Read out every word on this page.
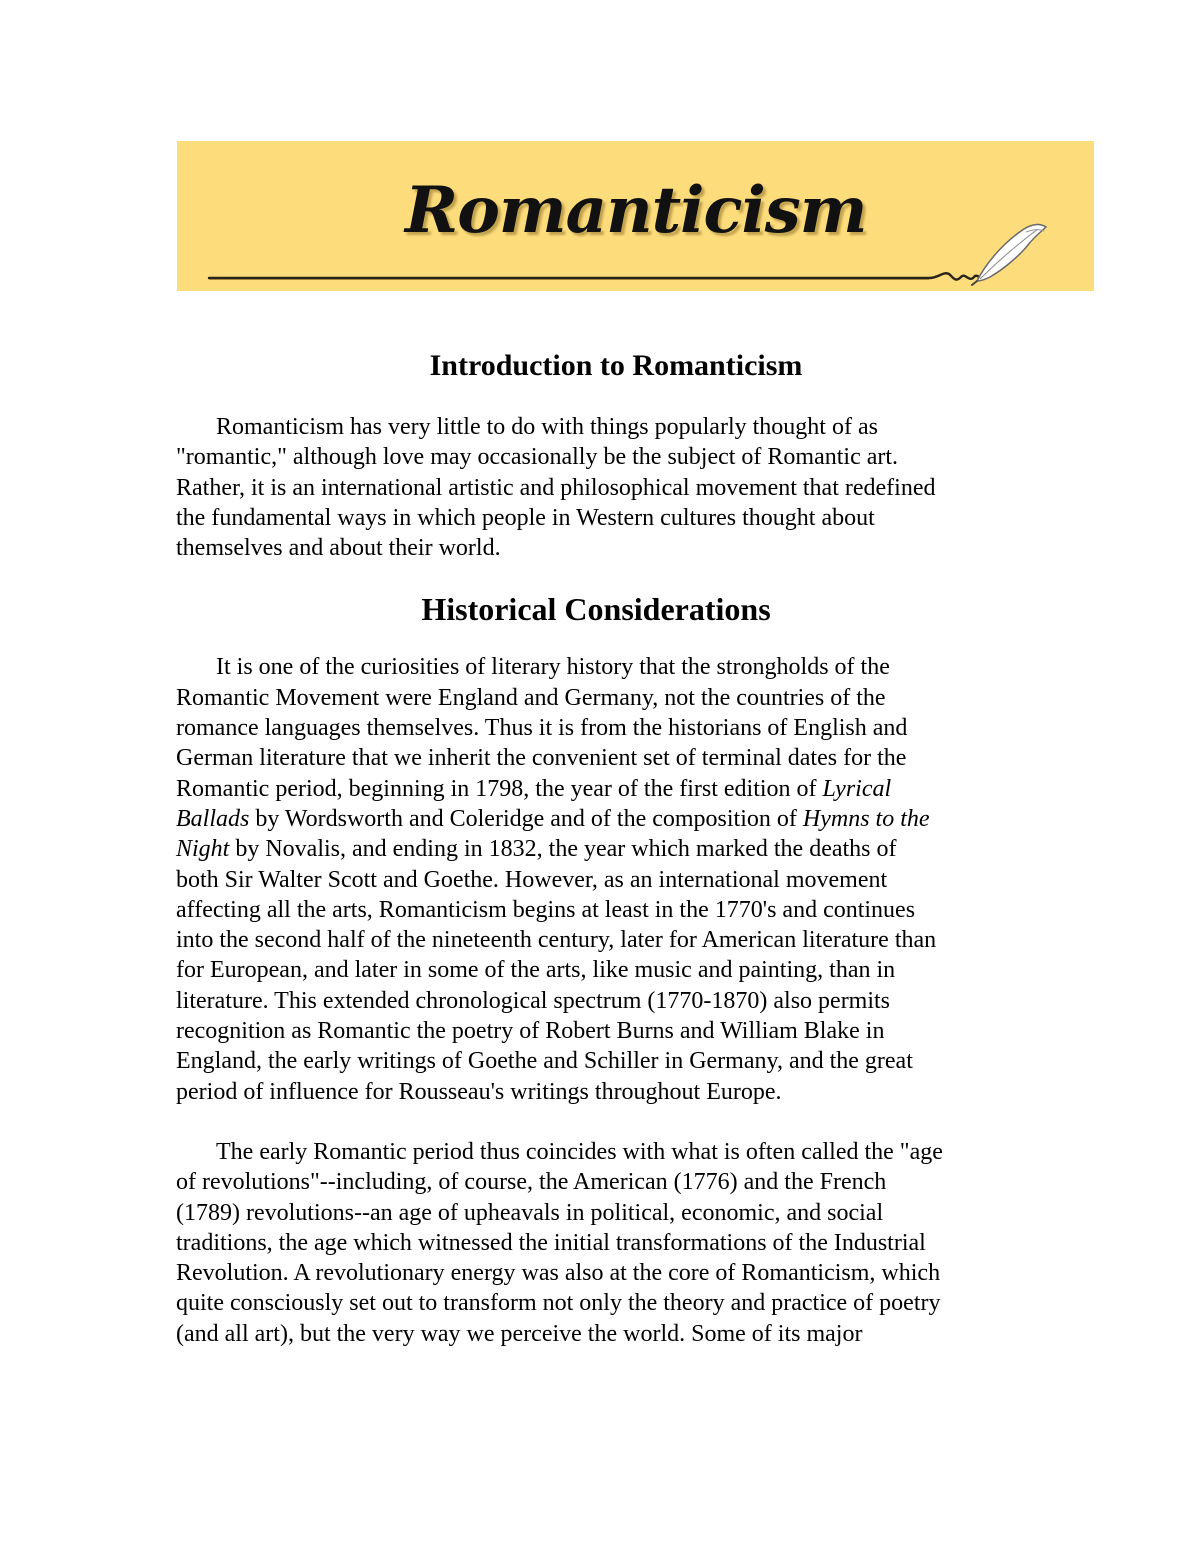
Romanticism
Introduction to Romanticism

Romanticism has very little to do with things popularly thought of as
"romantic," although love may occasionally be the subject of Romantic art.
Rather, it is an international artistic and philosophical movement that redefined
the fundamental ways in which people in Western cultures thought about
themselves and about their world.

Historical Considerations

It is one of the curiosities of literary history that the strongholds of the
Romantic Movement were England and Germany, not the countries of the
romance languages themselves. Thus it is from the historians of English and
German literature that we inherit the convenient set of terminal dates for the
Romantic period, beginning in 1798, the year of the first edition of Lyrical
Ballads by Wordsworth and Coleridge and of the composition of Hymns to the
Night by Novalis, and ending in 1832, the year which marked the deaths of
both Sir Walter Scott and Goethe. However, as an international movement
affecting all the arts, Romanticism begins at least in the 1770's and continues
into the second half of the nineteenth century, later for American literature than
for European, and later in some of the arts, like music and painting, than in
literature. This extended chronological spectrum (1770-1870) also permits
recognition as Romantic the poetry of Robert Burns and William Blake in
England, the early writings of Goethe and Schiller in Germany, and the great
period of influence for Rousseau's writings throughout Europe.

The early Romantic period thus coincides with what is often called the "age
of revolutions"--including, of course, the American (1776) and the French
(1789) revolutions--an age of upheavals in political, economic, and social
traditions, the age which witnessed the initial transformations of the Industrial
Revolution. A revolutionary energy was also at the core of Romanticism, which
quite consciously set out to transform not only the theory and practice of poetry
(and all art), but the very way we perceive the world. Some of its major
